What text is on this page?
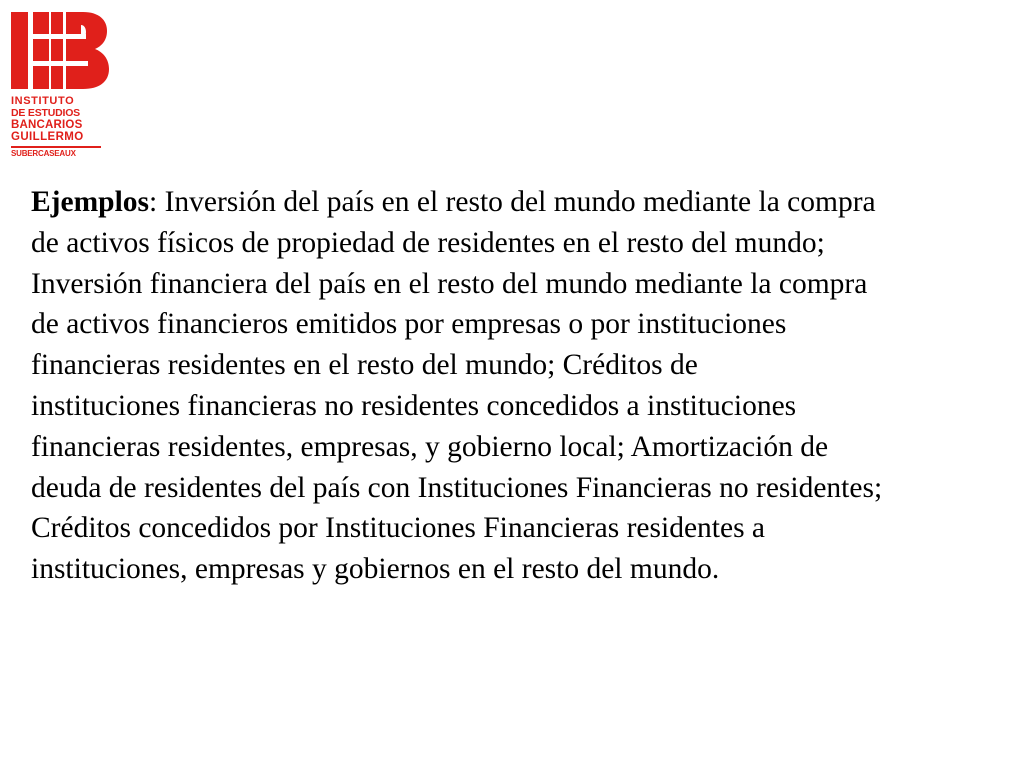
INSTITUTO
DE ESTUDIOS
BANCARIOS
GUILLERMO
SUBERCASEAUX
Ejemplos: Inversión del país en el resto del mundo mediante la compra
de activos físicos de propiedad de residentes en el resto del mundo;
Inversión financiera del país en el resto del mundo mediante la compra
de activos financieros emitidos por empresas o por instituciones
financieras residentes en el resto del mundo; Créditos de
instituciones financieras no residentes concedidos a instituciones
financieras residentes, empresas, y gobierno local; Amortización de
deuda de residentes del país con Instituciones Financieras no residentes;
Créditos concedidos por Instituciones Financieras residentes a
instituciones, empresas y gobiernos en el resto del mundo.
